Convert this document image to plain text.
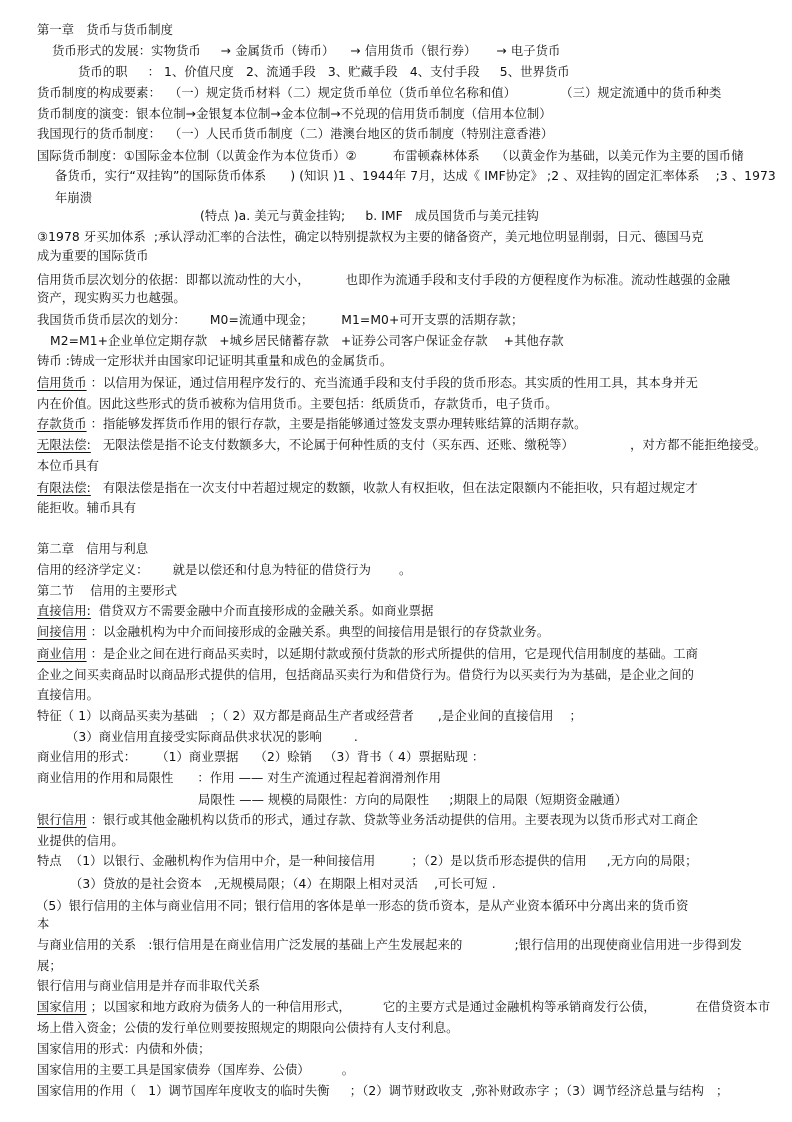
第一章   货币与货币制度
货币形式的发展：实物货币     → 金属货币（铸币）    → 信用货币（银行券）     → 电子货币
货币的职     ： 1、价值尺度   2、流通手段   3、贮藏手段   4、支付手段     5、世界货币
货币制度的构成要素：  （一）规定货币材料（二）规定货币单位（货币单位名称和值）           （三）规定流通中的货币种类
货币制度的演变：银本位制→金银复本位制→金本位制→不兑现的信用货币制度（信用本位制）
我国现行的货币制度：  （一）人民币货币制度（二）港澳台地区的货币制度（特别注意香港）
国际货币制度：①国际金本位制（以黄金作为本位货币）②         布雷顿森林体系    （以黄金作为基础，以美元作为主要的国币储
备货币，实行“双挂钩”的国际货币体系      ) (知识 )1 、1944年 7月，达成《 IMF协定》 ;2 、双挂钩的固定汇率体系    ;3 、1973
年崩溃
(特点 )a. 美元与黄金挂钩;     b. IMF   成员国货币与美元挂钩
③1978 牙买加体系  ;承认浮动汇率的合法性，确定以特别提款权为主要的储备资产，美元地位明显削弱，日元、德国马克
成为重要的国际货币
信用货币层次划分的依据：即都以流动性的大小，         也即作为流通手段和支付手段的方便程度作为标准。流动性越强的金融
资产，现实购买力也越强。
我国货币货币层次的划分：      M0=流通中现金；       M1=M0+可开支票的活期存款；
M2=M1+企业单位定期存款   +城乡居民储蓄存款   +证券公司客户保证金存款    +其他存款
铸币 :铸成一定形状并由国家印记证明其重量和成色的金属货币。
信用货币 ：以信用为保证，通过信用程序发行的、充当流通手段和支付手段的货币形态。其实质的性用工具，其本身并无
内在价值。因此这些形式的货币被称为信用货币。主要包括：纸质货币，存款货币，电子货币。
存款货币 ：指能够发挥货币作用的银行存款，主要是指能够通过签发支票办理转账结算的活期存款。
无限法偿:   无限法偿是指不论支付数额多大，不论属于何种性质的支付（买东西、还账、缴税等）              ，对方都不能拒绝接受。
本位币具有
有限法偿:   有限法偿是指在一次支付中若超过规定的数额，收款人有权拒收，但在法定限额内不能拒收，只有超过规定才
能拒收。辅币具有
第二章   信用与利息
信用的经济学定义：      就是以偿还和付息为特征的借贷行为       。
第二节    信用的主要形式
直接信用:  借贷双方不需要金融中介而直接形成的金融关系。如商业票据
间接信用 ：以金融机构为中介而间接形成的金融关系。典型的间接信用是银行的存贷款业务。
商业信用 ：是企业之间在进行商品买卖时，以延期付款或预付货款的形式所提供的信用，它是现代信用制度的基础。工商
企业之间买卖商品时以商品形式提供的信用，包括商品买卖行为和借贷行为。借贷行为以买卖行为为基础，是企业之间的
直接信用。
特征（ 1）以商品买卖为基础   ；（ 2）双方都是商品生产者或经营者      ,是企业间的直接信用    ；
（3）商业信用直接受实际商品供求状况的影响        .
商业信用的形式：     （1）商业票据    （2）赊销   （3）背书（ 4）票据贴现 ：
商业信用的作用和局限性      ：作用 —— 对生产流通过程起着润滑剂作用
局限性 —— 规模的局限性：方向的局限性     ;期限上的局限（短期资金融通）
银行信用 ：银行或其他金融机构以货币的形式，通过存款、贷款等业务活动提供的信用。主要表现为以货币形式对工商企
业提供的信用。
特点  （1）以银行、金融机构作为信用中介，是一种间接信用         ；（2）是以货币形态提供的信用     ,无方向的局限；
（3）贷放的是社会资本   ,无规模局限；（4）在期限上相对灵活    ,可长可短 .
（5）银行信用的主体与商业信用不同；银行信用的客体是单一形态的货币资本，是从产业资本循环中分离出来的货币资
本
与商业信用的关系   :银行信用是在商业信用广泛发展的基础上产生发展起来的             ;银行信用的出现使商业信用进一步得到发
展；
银行信用与商业信用是并存而非取代关系
国家信用 ；以国家和地方政府为债务人的一种信用形式，        它的主要方式是通过金融机构等承销商发行公债，          在借贷资本市
场上借入资金；公债的发行单位则要按照规定的期限向公债持有人支付利息。
国家信用的形式：内债和外债；
国家信用的主要工具是国家债券（国库券、公债）        。
国家信用的作用（   1）调节国库年度收支的临时失衡     ；（2）调节财政收支  ,弥补财政赤字 ；（3）调节经济总量与结构   ；
